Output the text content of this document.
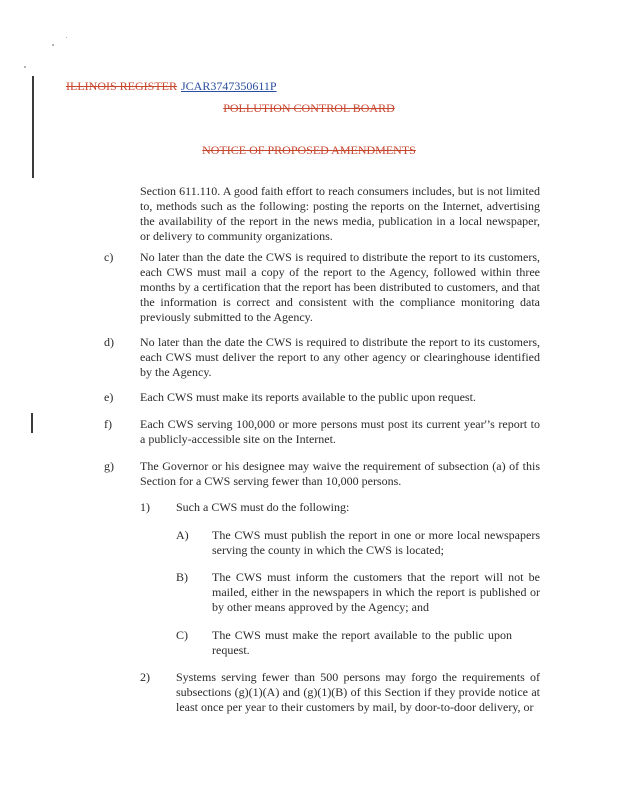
ILLINOIS REGISTER JCAR3747350611P
POLLUTION CONTROL BOARD
NOTICE OF PROPOSED AMENDMENTS
Section 611.110. A good faith effort to reach consumers includes, but is not limited to, methods such as the following: posting the reports on the Internet, advertising the availability of the report in the news media, publication in a local newspaper, or delivery to community organizations.
c) No later than the date the CWS is required to distribute the report to its customers, each CWS must mail a copy of the report to the Agency, followed within three months by a certification that the report has been distributed to customers, and that the information is correct and consistent with the compliance monitoring data previously submitted to the Agency.
d) No later than the date the CWS is required to distribute the report to its customers, each CWS must deliver the report to any other agency or clearinghouse identified by the Agency.
e) Each CWS must make its reports available to the public upon request.
f) Each CWS serving 100,000 or more persons must post its current year'’s report to a publicly-accessible site on the Internet.
g) The Governor or his designee may waive the requirement of subsection (a) of this Section for a CWS serving fewer than 10,000 persons.
1) Such a CWS must do the following:
A) The CWS must publish the report in one or more local newspapers serving the county in which the CWS is located;
B) The CWS must inform the customers that the report will not be mailed, either in the newspapers in which the report is published or by other means approved by the Agency; and
C) The CWS must make the report available to the public upon request.
2) Systems serving fewer than 500 persons may forgo the requirements of subsections (g)(1)(A) and (g)(1)(B) of this Section if they provide notice at least once per year to their customers by mail, by door-to-door delivery, or
